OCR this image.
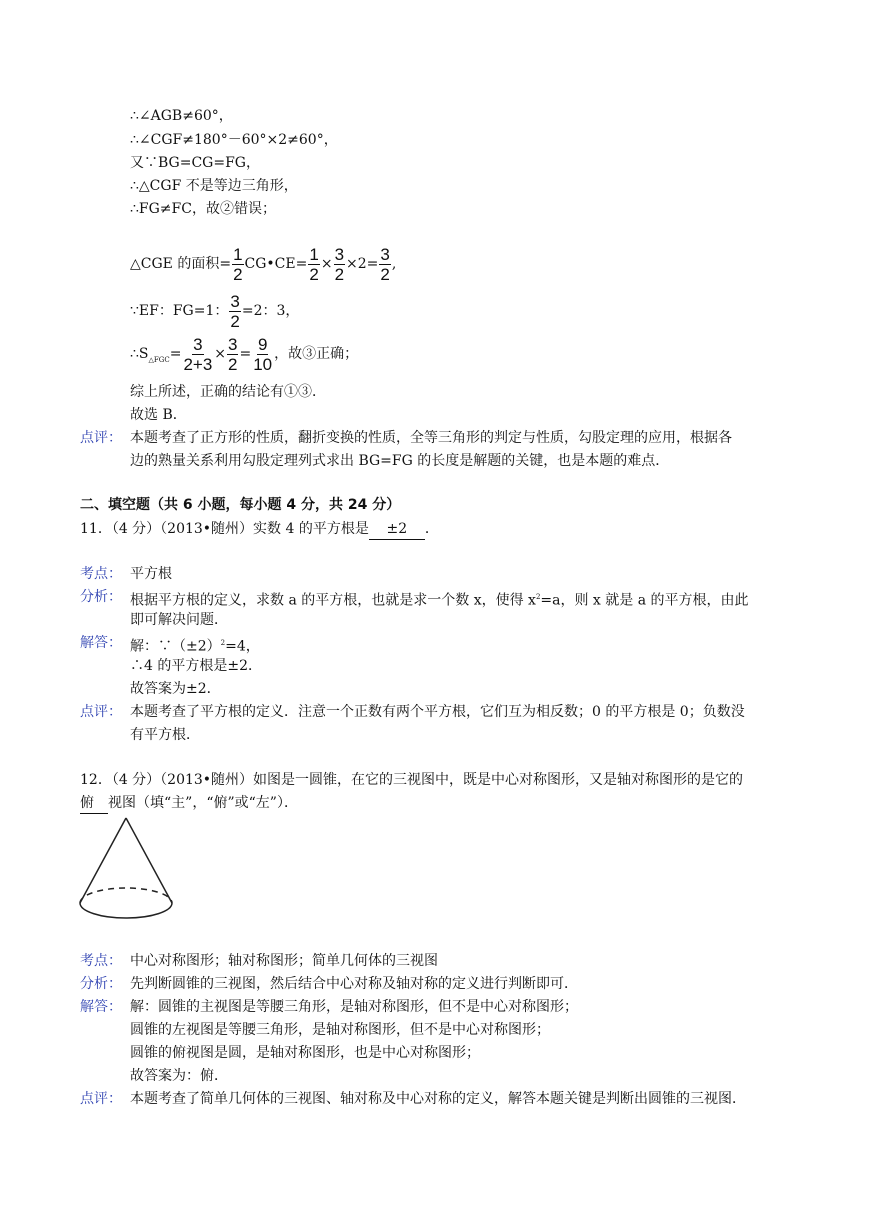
∴∠AGB≠60°，
∴∠CGF≠180°－60°×2≠60°，
又∵BG=CG=FG，
∴△CGF 不是等边三角形，
∴FG≠FC，故②错误；
△CGE 的面积= $\frac{1}{2}$ CG•CE= $\frac{1}{2} \times \frac{3}{2} \times 2= \frac{3}{2}$ ,
∵EF：FG=1： $\frac{3}{2} =2$：3，
$\therefore S_{\triangle FGC}= \frac{3}{2+3} \times \frac{3}{2} = \frac{9}{10}$ ，故③正确；
综上所述，正确的结论有①③．
故选 B．
点评： 本题考查了正方形的性质，翻折变换的性质，全等三角形的判定与性质，勾股定理的应用，根据各
边的熟量关系利用勾股定理列式求出 BG=FG 的长度是解题的关键，也是本题的难点．
二、填空题（共 6 小题，每小题 4 分，共 24 分）
11．（4 分）（2013•随州）实数 4 的平方根是 ±2 ．
考点： 平方根
分析： 根据平方根的定义，求数 a 的平方根，也就是求一个数 x，使得 $x^2=a$，则 x 就是 a 的平方根，由此
即可解决问题．
解答： 解：$\because(\pm 2)^2=4$，
∴4 的平方根是±2．
故答案为±2．
点评： 本题考查了平方根的定义．注意一个正数有两个平方根，它们互为相反数；0 的平方根是 0；负数没
有平方根．
12．（4 分）（2013•随州）如图是一圆锥，在它的三视图中，既是中心对称图形，又是轴对称图形的是它的
俯 视图（填“主”，“俯”或“左”）．
考点： 中心对称图形；轴对称图形；简单几何体的三视图
分析： 先判断圆锥的三视图，然后结合中心对称及轴对称的定义进行判断即可．
解答： 解：圆锥的主视图是等腰三角形，是轴对称图形，但不是中心对称图形；
圆锥的左视图是等腰三角形，是轴对称图形，但不是中心对称图形；
圆锥的俯视图是圆，是轴对称图形，也是中心对称图形；
故答案为：俯．
点评： 本题考查了简单几何体的三视图、轴对称及中心对称的定义，解答本题关键是判断出圆锥的三视图．
